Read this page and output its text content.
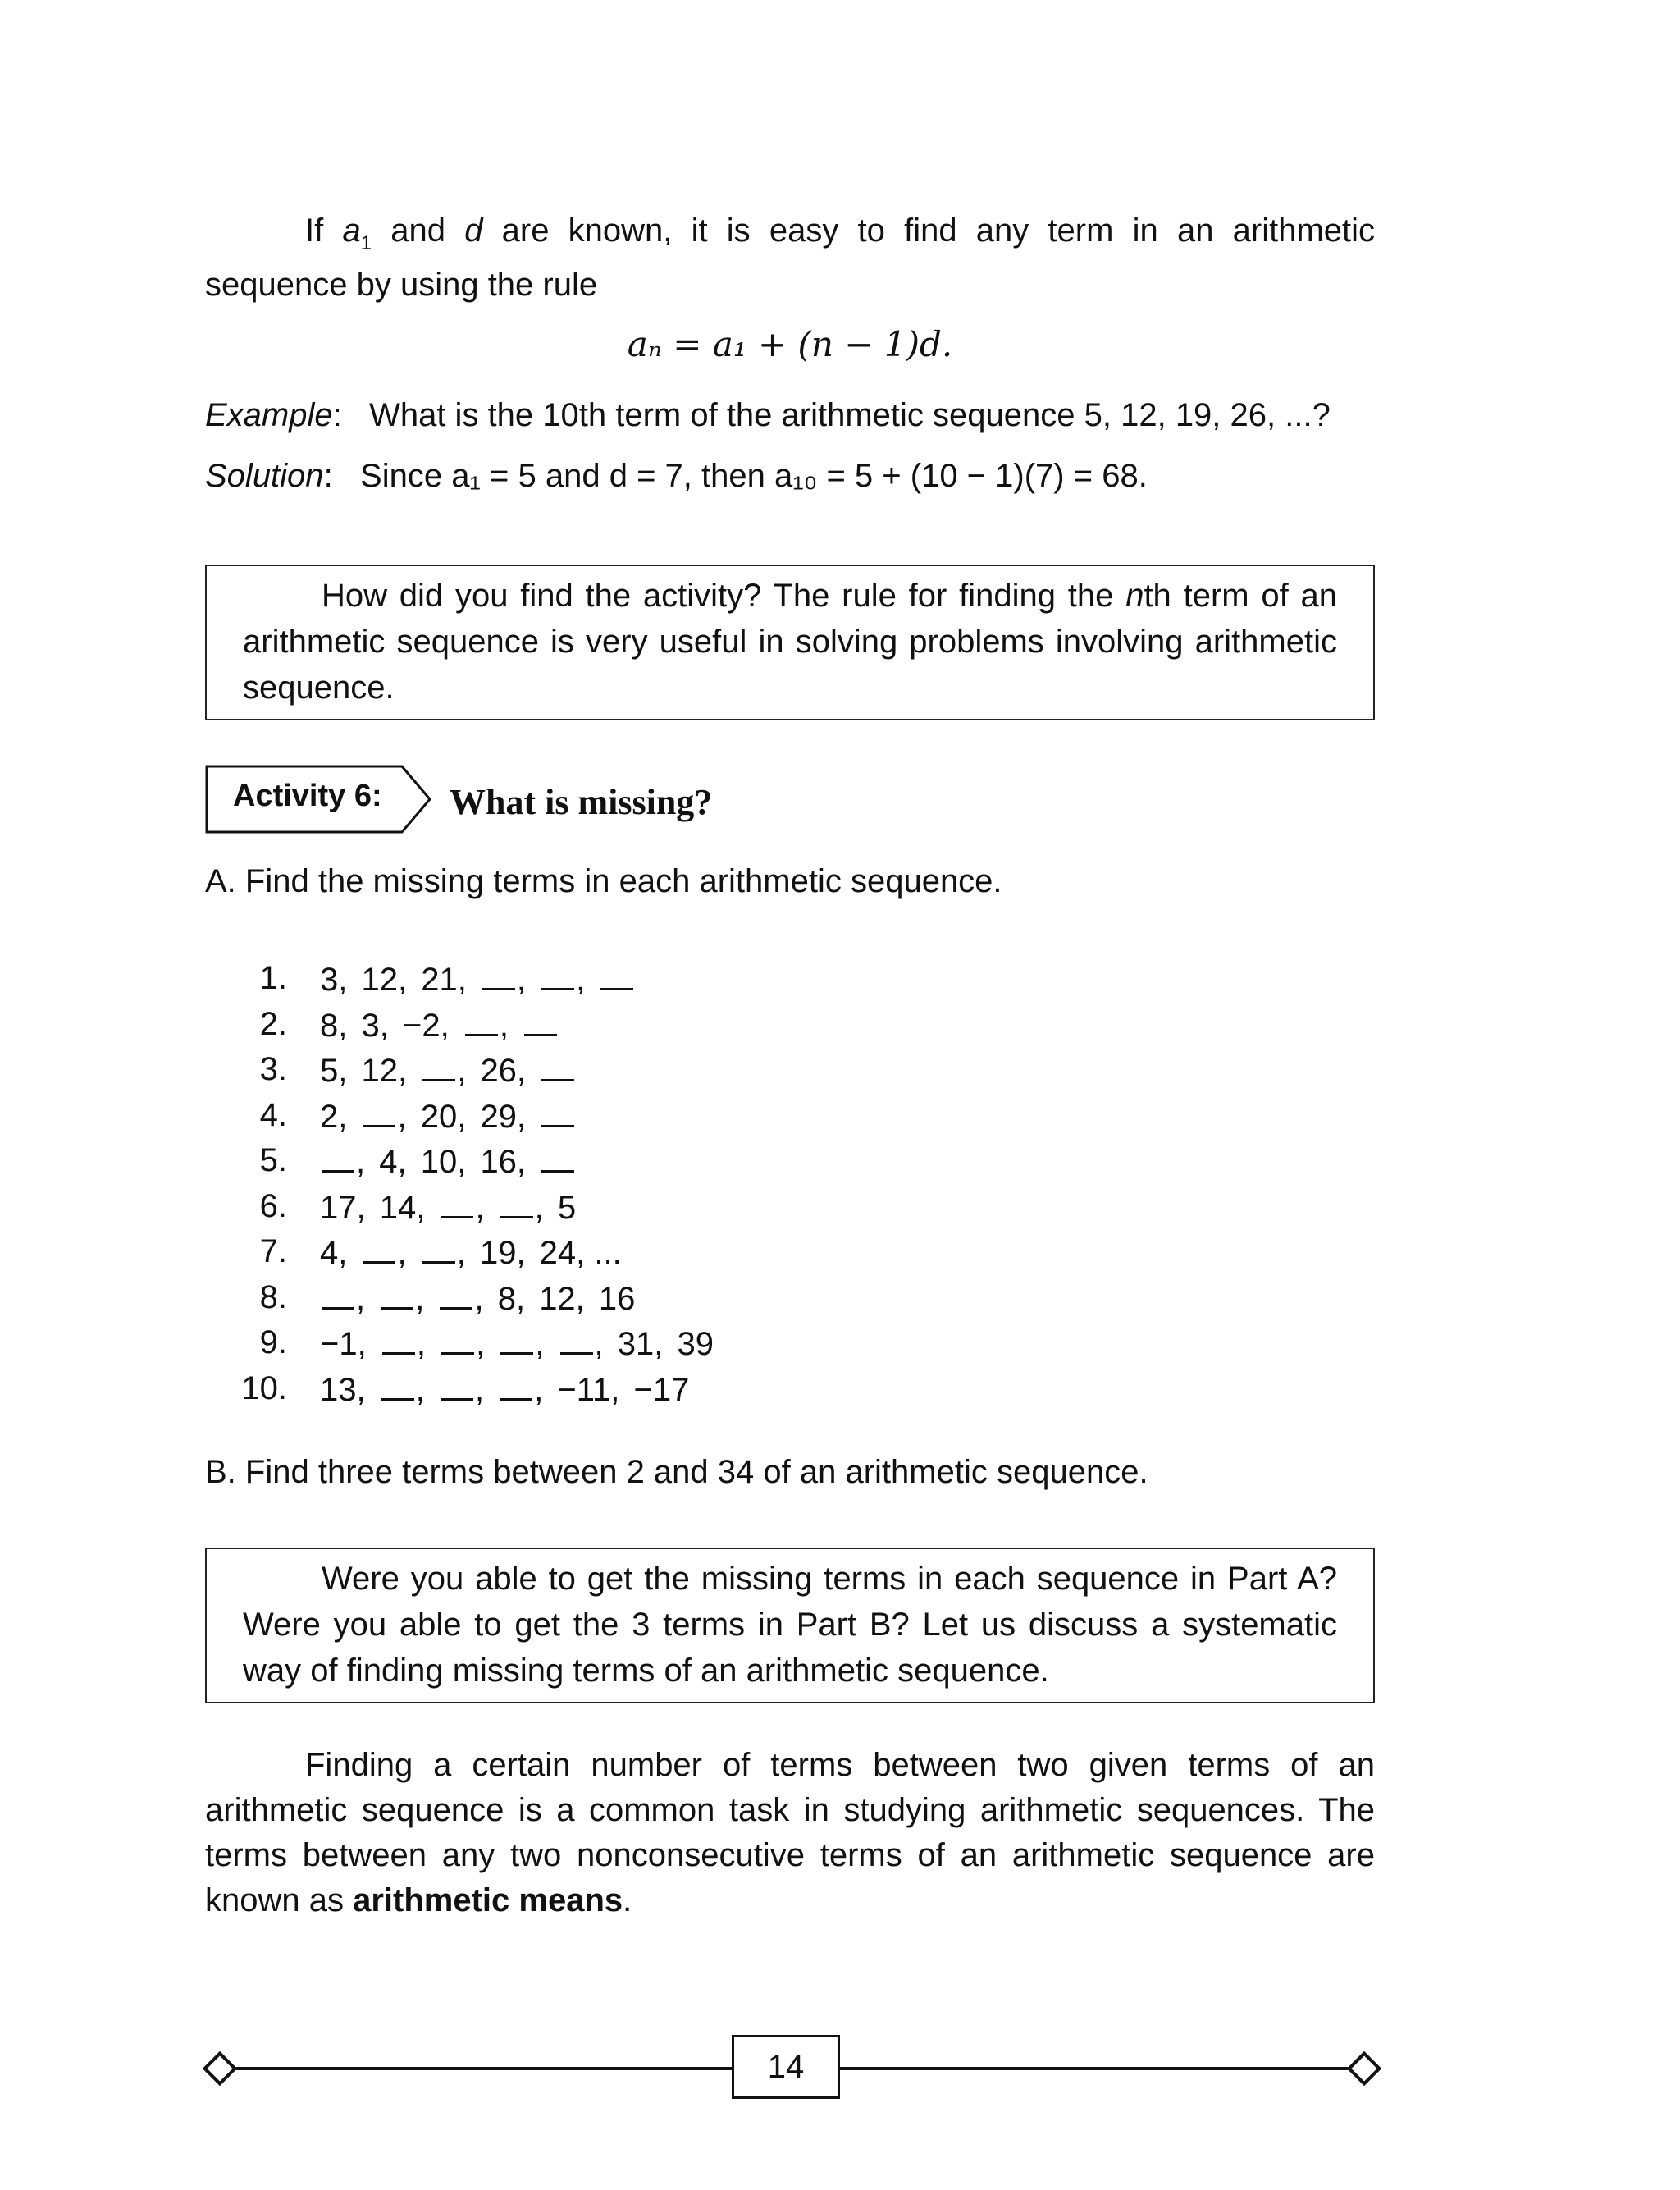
If $a_1$ and d are known, it is easy to find any term in an arithmetic sequence by using the rule
aₙ = a₁ + (n − 1)d.
Example:   What is the 10th term of the arithmetic sequence 5, 12, 19, 26, ...?
Solution:   Since a₁ = 5 and d = 7, then a₁₀ = 5 + (10 − 1)(7) = 68.
How did you find the activity? The rule for finding the nth term of an arithmetic sequence is very useful in solving problems involving arithmetic sequence.
Activity 6: What is missing?
A. Find the missing terms in each arithmetic sequence.
1. 3, 12, 21, , ,
2. 8, 3, −2, ,
3. 5, 12, , 26,
4. 2, , 20, 29,
5.	, 4, 10, 16,
6. 17, 14, , , 5
7. 4, , , 19, 24, ...
8.	, , , 8, 12, 16
9. −1, , , , , 31, 39
10. 13, , , , −11, −17
B. Find three terms between 2 and 34 of an arithmetic sequence.
Were you able to get the missing terms in each sequence in Part A? Were you able to get the 3 terms in Part B? Let us discuss a systematic way of finding missing terms of an arithmetic sequence.
Finding a certain number of terms between two given terms of an arithmetic sequence is a common task in studying arithmetic sequences. The terms between any two nonconsecutive terms of an arithmetic sequence are known as arithmetic means.
14
